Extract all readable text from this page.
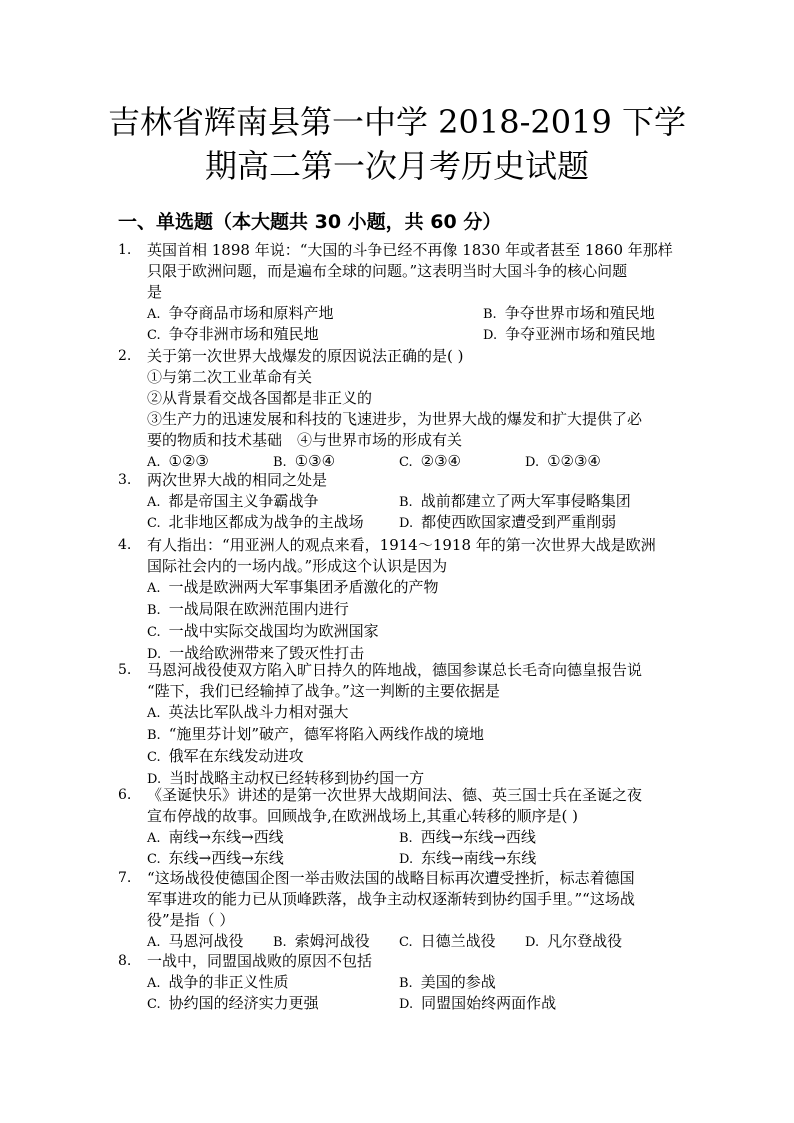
吉林省辉南县第一中学 2018-2019 下学
期高二第一次月考历史试题
一、单选题（本大题共 30 小题，共 60 分）
1. 英国首相 1898 年说：“大国的斗争已经不再像 1830 年或者甚至 1860 年那样
只限于欧洲问题，而是遍布全球的问题。”这表明当时大国斗争的核心问题
是
A. 争夺商品市场和原料产地	B. 争夺世界市场和殖民地
C. 争夺非洲市场和殖民地	D. 争夺亚洲市场和殖民地
2. 关于第一次世界大战爆发的原因说法正确的是( )
①与第二次工业革命有关
②从背景看交战各国都是非正义的
③生产力的迅速发展和科技的飞速进步，为世界大战的爆发和扩大提供了必
要的物质和技术基础　④与世界市场的形成有关
A. ①②③	B. ①③④	C. ②③④	D. ①②③④
3. 两次世界大战的相同之处是
A. 都是帝国主义争霸战争	B. 战前都建立了两大军事侵略集团
C. 北非地区都成为战争的主战场	D. 都使西欧国家遭受到严重削弱
4. 有人指出：“用亚洲人的观点来看，1914～1918 年的第一次世界大战是欧洲
国际社会内的一场内战。”形成这个认识是因为
A. 一战是欧洲两大军事集团矛盾激化的产物
B. 一战局限在欧洲范围内进行
C. 一战中实际交战国均为欧洲国家
D. 一战给欧洲带来了毁灭性打击
5. 马恩河战役使双方陷入旷日持久的阵地战，德国参谋总长毛奇向德皇报告说
“陛下，我们已经输掉了战争。”这一判断的主要依据是
A. 英法比军队战斗力相对强大
B. “施里芬计划”破产，德军将陷入两线作战的境地
C. 俄军在东线发动进攻
D. 当时战略主动权已经转移到协约国一方
6. 《圣诞快乐》讲述的是第一次世界大战期间法、德、英三国士兵在圣诞之夜
宣布停战的故事。回顾战争,在欧洲战场上,其重心转移的顺序是( )
A. 南线→东线→西线	B. 西线→东线→西线
C. 东线→西线→东线	D. 东线→南线→东线
7. “这场战役使德国企图一举击败法国的战略目标再次遭受挫折，标志着德国
军事进攻的能力已从顶峰跌落，战争主动权逐渐转到协约国手里。”“这场战
役”是指（ ）
A. 马恩河战役 B. 索姆河战役 C. 日德兰战役 D. 凡尔登战役
8. 一战中，同盟国战败的原因不包括
A. 战争的非正义性质	B. 美国的参战
C. 协约国的经济实力更强	D. 同盟国始终两面作战
